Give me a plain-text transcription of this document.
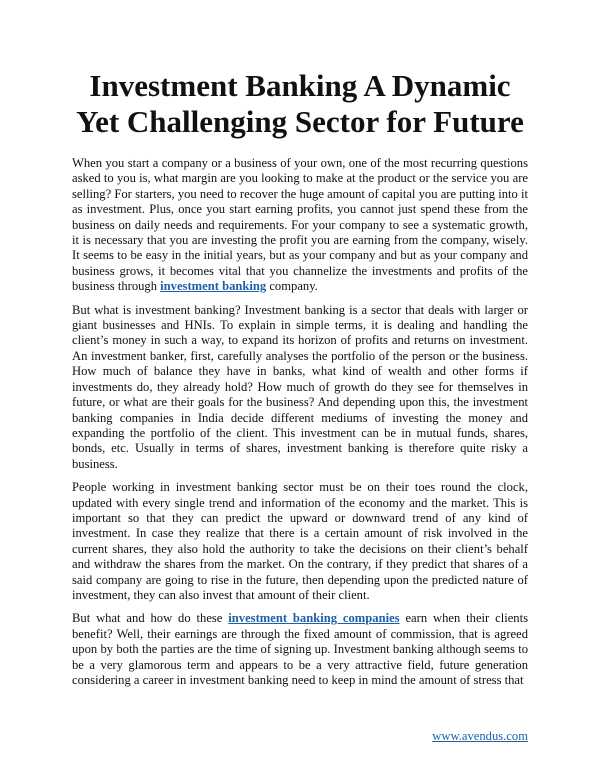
Investment Banking A Dynamic Yet Challenging Sector for Future

When you start a company or a business of your own, one of the most recurring questions asked to you is, what margin are you looking to make at the product or the service you are selling? For starters, you need to recover the huge amount of capital you are putting into it as investment. Plus, once you start earning profits, you cannot just spend these from the business on daily needs and requirements. For your company to see a systematic growth, it is necessary that you are investing the profit you are earning from the company, wisely. It seems to be easy in the initial years, but as your company and but as your company and business grows, it becomes vital that you channelize the investments and profits of the business through investment banking company.

But what is investment banking? Investment banking is a sector that deals with larger or giant businesses and HNIs. To explain in simple terms, it is dealing and handling the client’s money in such a way, to expand its horizon of profits and returns on investment. An investment banker, first, carefully analyses the portfolio of the person or the business. How much of balance they have in banks, what kind of wealth and other forms if investments do, they already hold? How much of growth do they see for themselves in future, or what are their goals for the business? And depending upon this, the investment banking companies in India decide different mediums of investing the money and expanding the portfolio of the client. This investment can be in mutual funds, shares, bonds, etc. Usually in terms of shares, investment banking is therefore quite risky a business.

People working in investment banking sector must be on their toes round the clock, updated with every single trend and information of the economy and the market. This is important so that they can predict the upward or downward trend of any kind of investment. In case they realize that there is a certain amount of risk involved in the current shares, they also hold the authority to take the decisions on their client’s behalf and withdraw the shares from the market. On the contrary, if they predict that shares of a said company are going to rise in the future, then depending upon the predicted nature of investment, they can also invest that amount of their client.

But what and how do these investment banking companies earn when their clients benefit? Well, their earnings are through the fixed amount of commission, that is agreed upon by both the parties are the time of signing up. Investment banking although seems to be a very glamorous term and appears to be a very attractive field, future generation considering a career in investment banking need to keep in mind the amount of stress that

www.avendus.com
